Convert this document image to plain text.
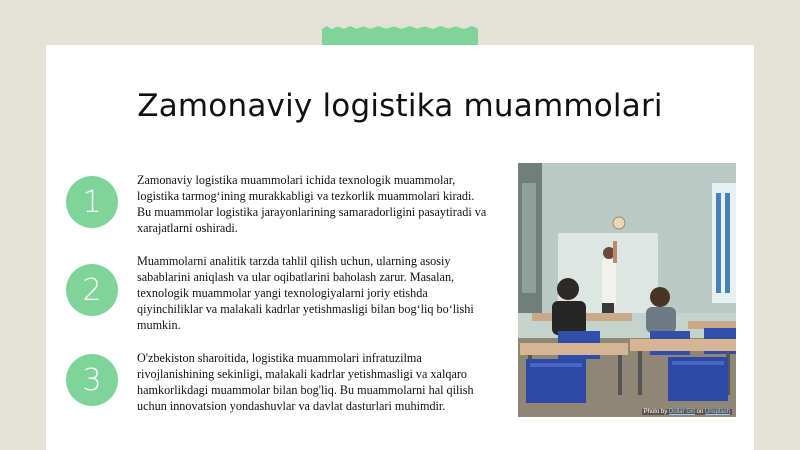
Zamonaviy logistika muammolari
1
Zamonaviy logistika muammolari ichida texnologik muammolar, logistika tarmog‘ining murakkabligi va tezkorlik muammolari kiradi. Bu muammolar logistika jarayonlarining samaradorligini pasaytiradi va xarajatlarni oshiradi.
2
Muammolarni analitik tarzda tahlil qilish uchun, ularning asosiy sabablarini aniqlash va ular oqibatlarini baholash zarur. Masalan, texnologik muammolar yangi texnologiyalarni joriy etishda qiyinchiliklar va malakali kadrlar yetishmasligi bilan bog‘liq bo‘lishi mumkin.
3
O'zbekiston sharoitida, logistika muammolari infratuzilma rivojlanishining sekinligi, malakali kadrlar yetishmasligi va xalqaro hamkorlikdagi muammolar bilan bog'liq. Bu muammolarni hal qilish uchun innovatsion yondashuvlar va davlat dasturlari muhimdir.	Photo by Dollar Gill on Unsplash
